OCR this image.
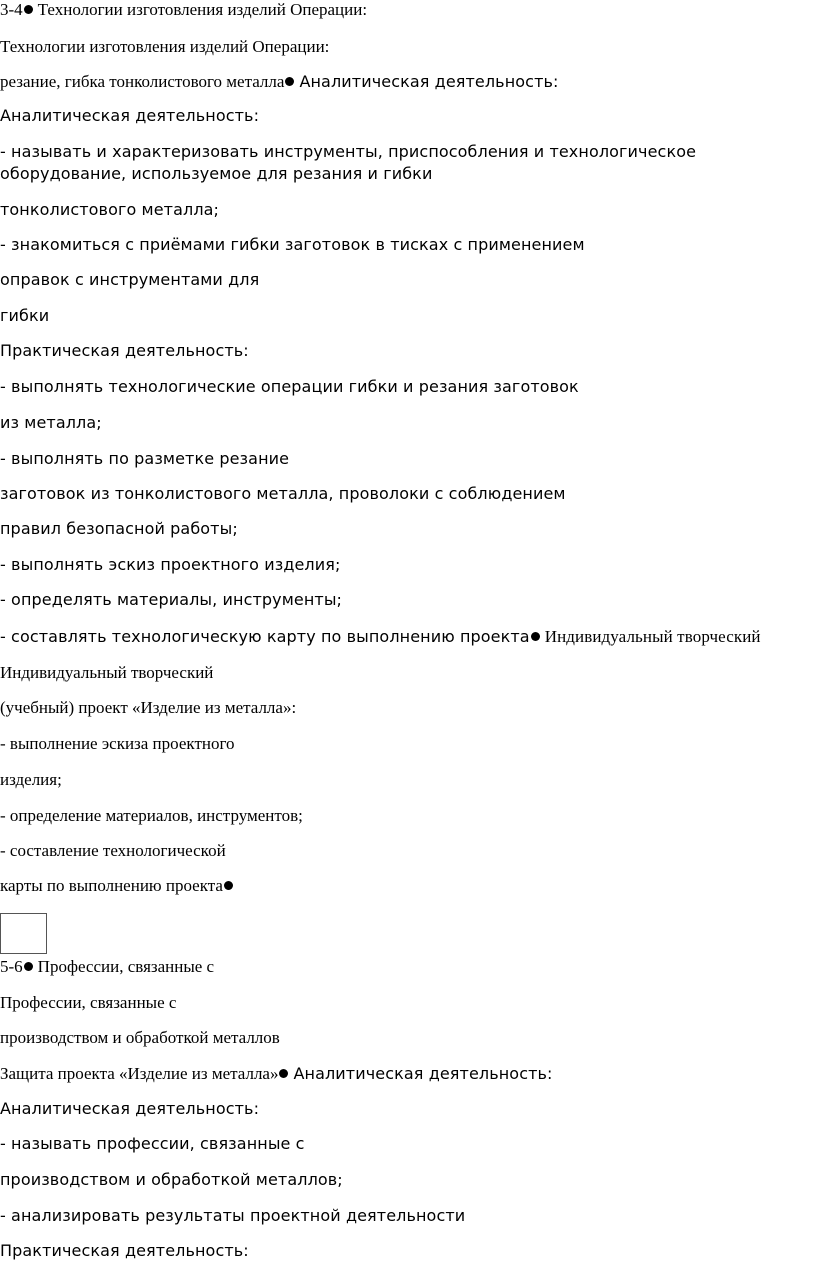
3-4 Технологии изготовления изделий Операции:
Технологии изготовления изделий Операции:
резание, гибка тонколистового металла Аналитическая деятельность:
Аналитическая деятельность:
- называть и характеризовать инструменты, приспособления и технологическое
оборудование, используемое для резания и гибки
тонколистового металла;
- знакомиться с приёмами гибки заготовок в тисках с применением
оправок с инструментами для
гибки
Практическая деятельность:
- выполнять технологические операции гибки и резания заготовок
из металла;
- выполнять по разметке резание
заготовок из тонколистового металла, проволоки с соблюдением
правил безопасной работы;
- выполнять эскиз проектного изделия;
- определять материалы, инструменты;
- составлять технологическую карту по выполнению проекта Индивидуальный творческий
Индивидуальный творческий
(учебный) проект «Изделие из металла»:
- выполнение эскиза проектного
изделия;
- определение материалов, инструментов;
- составление технологической
карты по выполнению проекта
5-6 Профессии, связанные с
Профессии, связанные с
производством и обработкой металлов
Защита проекта «Изделие из металла» Аналитическая деятельность:
Аналитическая деятельность:
- называть профессии, связанные с
производством и обработкой металлов;
- анализировать результаты проектной деятельности
Практическая деятельность:
